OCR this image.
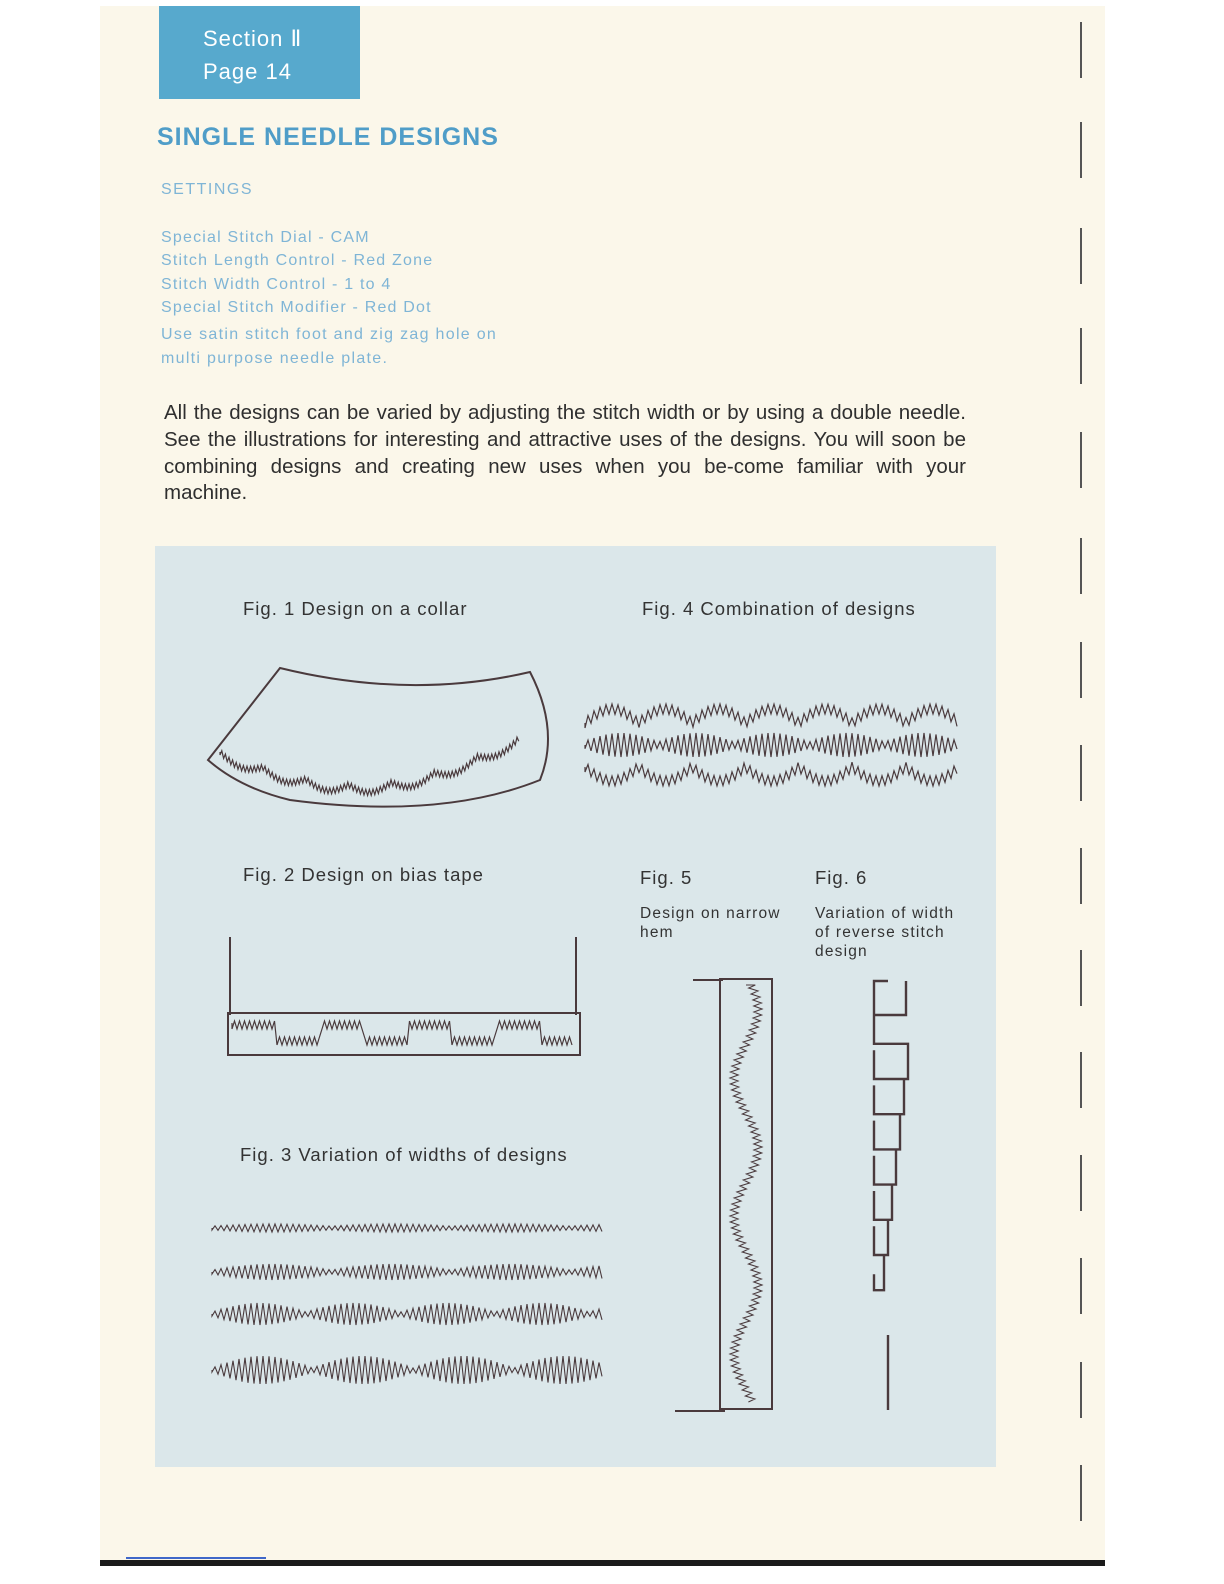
Section Ⅱ
Page 14
SINGLE NEEDLE DESIGNS
SETTINGS
Special Stitch Dial - CAM
Stitch Length Control - Red Zone
Stitch Width Control - 1 to 4
Special Stitch Modifier - Red Dot
Use satin stitch foot and zig zag hole on multi purpose needle plate.
All the designs can be varied by adjusting the stitch width or by using a double needle. See the illustrations for interesting and attractive uses of the designs. You will soon be combining designs and creating new uses when you be-come familiar with your machine.
Fig. 1 Design on a collar	Fig. 4 Combination of designs
Fig. 2 Design on bias tape
Fig. 3 Variation of widths of designs
Fig. 5	Fig. 6
Design on narrow hem
Variation of width of reverse stitch design
